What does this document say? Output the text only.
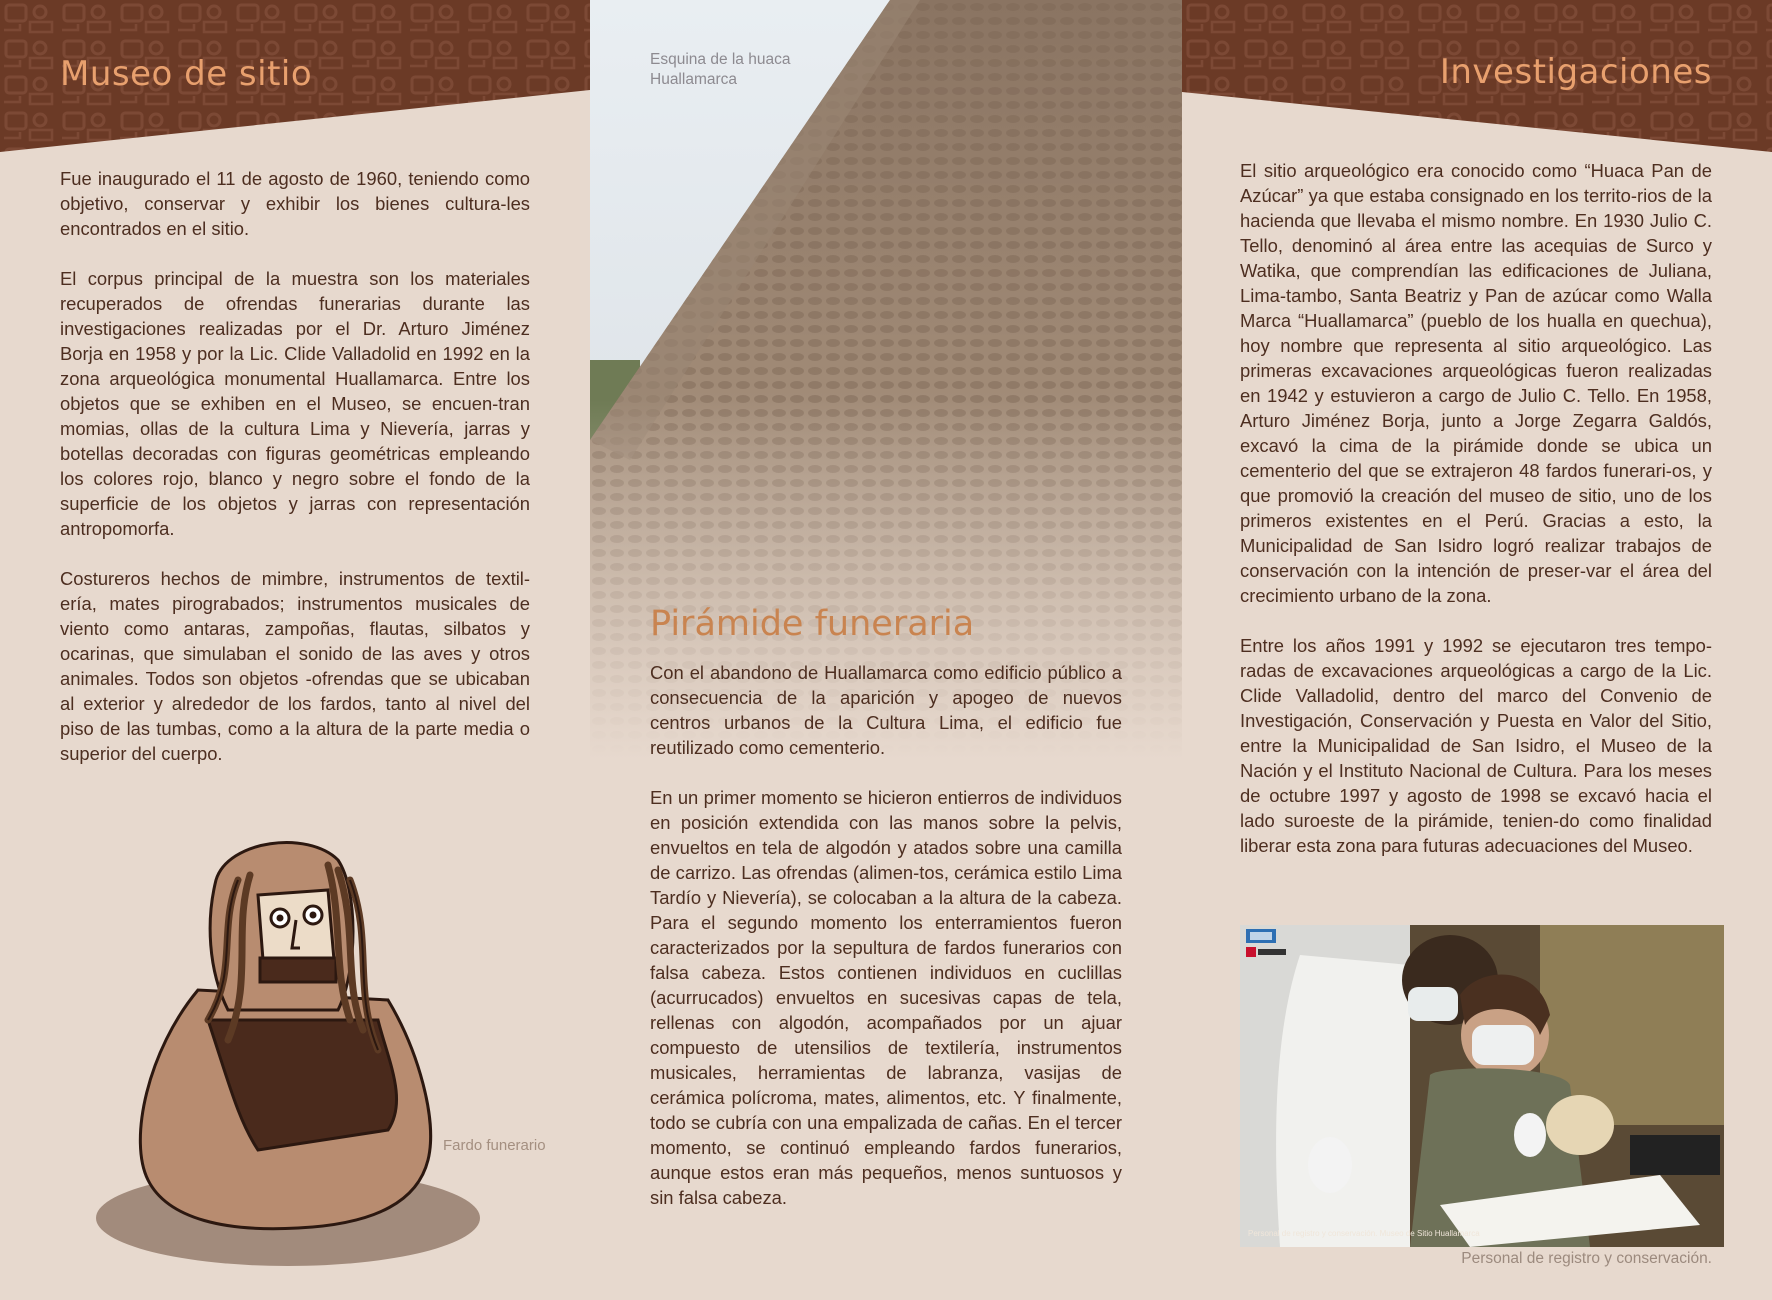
Museo de sitio

Fue inaugurado el 11 de agosto de 1960, teniendo como objetivo, conservar y exhibir los bienes cultura-les encontrados en el sitio.

El corpus principal de la muestra son los materiales recuperados de ofrendas funerarias durante las investigaciones realizadas por el Dr. Arturo Jiménez Borja en 1958 y por la Lic. Clide Valladolid en 1992 en la zona arqueológica monumental Huallamarca. Entre los objetos que se exhiben en el Museo, se encuen-tran momias, ollas de la cultura Lima y Nievería, jarras y botellas decoradas con figuras geométricas empleando los colores rojo, blanco y negro sobre el fondo de la superficie de los objetos y jarras con representación antropomorfa.

Costureros hechos de mimbre, instrumentos de textil-ería, mates pirograbados; instrumentos musicales de viento como antaras, zampoñas, flautas, silbatos y ocarinas, que simulaban el sonido de las aves y otros animales. Todos son objetos -ofrendas que se ubicaban al exterior y alrededor de los fardos, tanto al nivel del piso de las tumbas, como a la altura de la parte media o superior del cuerpo.

Fardo funerario
Esquina de la huaca Huallamarca
Pirámide funeraria

Con el abandono de Huallamarca como edificio público a consecuencia de la aparición y apogeo de nuevos centros urbanos de la Cultura Lima, el edificio fue reutilizado como cementerio.

En un primer momento se hicieron entierros de individuos en posición extendida con las manos sobre la pelvis, envueltos en tela de algodón y atados sobre una camilla de carrizo. Las ofrendas (alimen-tos, cerámica estilo Lima Tardío y Nievería), se colocaban a la altura de la cabeza. Para el segundo momento los enterramientos fueron caracterizados por la sepultura de fardos funerarios con falsa cabeza. Estos contienen individuos en cuclillas (acurrucados) envueltos en sucesivas capas de tela, rellenas con algodón, acompañados por un ajuar compuesto de utensilios de textilería, instrumentos musicales, herramientas de labranza, vasijas de cerámica polícroma, mates, alimentos, etc. Y finalmente, todo se cubría con una empalizada de cañas. En el tercer momento, se continuó empleando fardos funerarios, aunque estos eran más pequeños, menos suntuosos y sin falsa cabeza.

Investigaciones

El sitio arqueológico era conocido como “Huaca Pan de Azúcar” ya que estaba consignado en los territo-rios de la hacienda que llevaba el mismo nombre. En 1930 Julio C. Tello, denominó al área entre las acequias de Surco y Watika, que comprendían las edificaciones de Juliana, Lima-tambo, Santa Beatriz y Pan de azúcar como Walla Marca “Huallamarca” (pueblo de los hualla en quechua), hoy nombre que representa al sitio arqueológico. Las primeras excavaciones arqueológicas fueron realizadas en 1942 y estuvieron a cargo de Julio C. Tello. En 1958, Arturo Jiménez Borja, junto a Jorge Zegarra Galdós, excavó la cima de la pirámide donde se ubica un cementerio del que se extrajeron 48 fardos funerari-os, y que promovió la creación del museo de sitio, uno de los primeros existentes en el Perú. Gracias a esto, la Municipalidad de San Isidro logró realizar trabajos de conservación con la intención de preser-var el área del crecimiento urbano de la zona.

Entre los años 1991 y 1992 se ejecutaron tres tempo-radas de excavaciones arqueológicas a cargo de la Lic. Clide Valladolid, dentro del marco del Convenio de Investigación, Conservación y Puesta en Valor del Sitio, entre la Municipalidad de San Isidro, el Museo de la Nación y el Instituto Nacional de Cultura. Para los meses de octubre 1997 y agosto de 1998 se excavó hacia el lado suroeste de la pirámide, tenien-do como finalidad liberar esta zona para futuras adecuaciones del Museo.

Personal de registro y conservación. Museo de Sitio Huallamarca
Personal de registro y conservación.
